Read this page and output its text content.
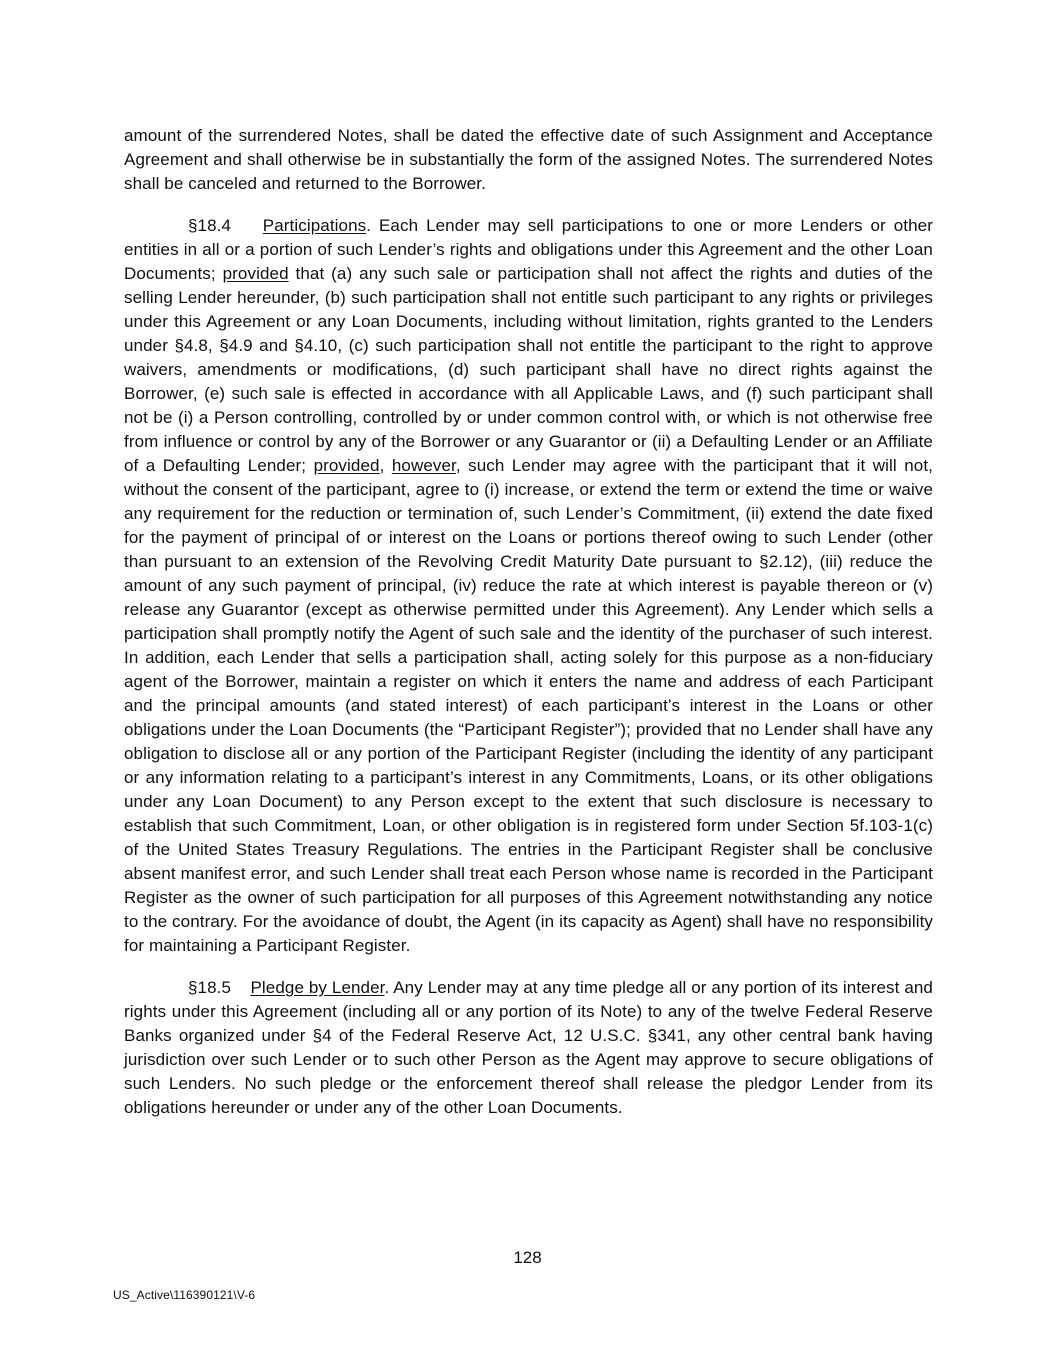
amount of the surrendered Notes, shall be dated the effective date of such Assignment and Acceptance Agreement and shall otherwise be in substantially the form of the assigned Notes. The surrendered Notes shall be canceled and returned to the Borrower.

§18.4    Participations. Each Lender may sell participations to one or more Lenders or other entities in all or a portion of such Lender’s rights and obligations under this Agreement and the other Loan Documents; provided that (a) any such sale or participation shall not affect the rights and duties of the selling Lender hereunder, (b) such participation shall not entitle such participant to any rights or privileges under this Agreement or any Loan Documents, including without limitation, rights granted to the Lenders under §4.8, §4.9 and §4.10, (c) such participation shall not entitle the participant to the right to approve waivers, amendments or modifications, (d) such participant shall have no direct rights against the Borrower, (e) such sale is effected in accordance with all Applicable Laws, and (f) such participant shall not be (i) a Person controlling, controlled by or under common control with, or which is not otherwise free from influence or control by any of the Borrower or any Guarantor or (ii) a Defaulting Lender or an Affiliate of a Defaulting Lender; provided, however, such Lender may agree with the participant that it will not, without the consent of the participant, agree to (i) increase, or extend the term or extend the time or waive any requirement for the reduction or termination of, such Lender’s Commitment, (ii) extend the date fixed for the payment of principal of or interest on the Loans or portions thereof owing to such Lender (other than pursuant to an extension of the Revolving Credit Maturity Date pursuant to §2.12), (iii) reduce the amount of any such payment of principal, (iv) reduce the rate at which interest is payable thereon or (v) release any Guarantor (except as otherwise permitted under this Agreement). Any Lender which sells a participation shall promptly notify the Agent of such sale and the identity of the purchaser of such interest. In addition, each Lender that sells a participation shall, acting solely for this purpose as a non-fiduciary agent of the Borrower, maintain a register on which it enters the name and address of each Participant and the principal amounts (and stated interest) of each participant’s interest in the Loans or other obligations under the Loan Documents (the “Participant Register”); provided that no Lender shall have any obligation to disclose all or any portion of the Participant Register (including the identity of any participant or any information relating to a participant’s interest in any Commitments, Loans, or its other obligations under any Loan Document) to any Person except to the extent that such disclosure is necessary to establish that such Commitment, Loan, or other obligation is in registered form under Section 5f.103-1(c) of the United States Treasury Regulations. The entries in the Participant Register shall be conclusive absent manifest error, and such Lender shall treat each Person whose name is recorded in the Participant Register as the owner of such participation for all purposes of this Agreement notwithstanding any notice to the contrary. For the avoidance of doubt, the Agent (in its capacity as Agent) shall have no responsibility for maintaining a Participant Register.

§18.5    Pledge by Lender. Any Lender may at any time pledge all or any portion of its interest and rights under this Agreement (including all or any portion of its Note) to any of the twelve Federal Reserve Banks organized under §4 of the Federal Reserve Act, 12 U.S.C. §341, any other central bank having jurisdiction over such Lender or to such other Person as the Agent may approve to secure obligations of such Lenders. No such pledge or the enforcement thereof shall release the pledgor Lender from its obligations hereunder or under any of the other Loan Documents.

128
US_Active\116390121\V-6
